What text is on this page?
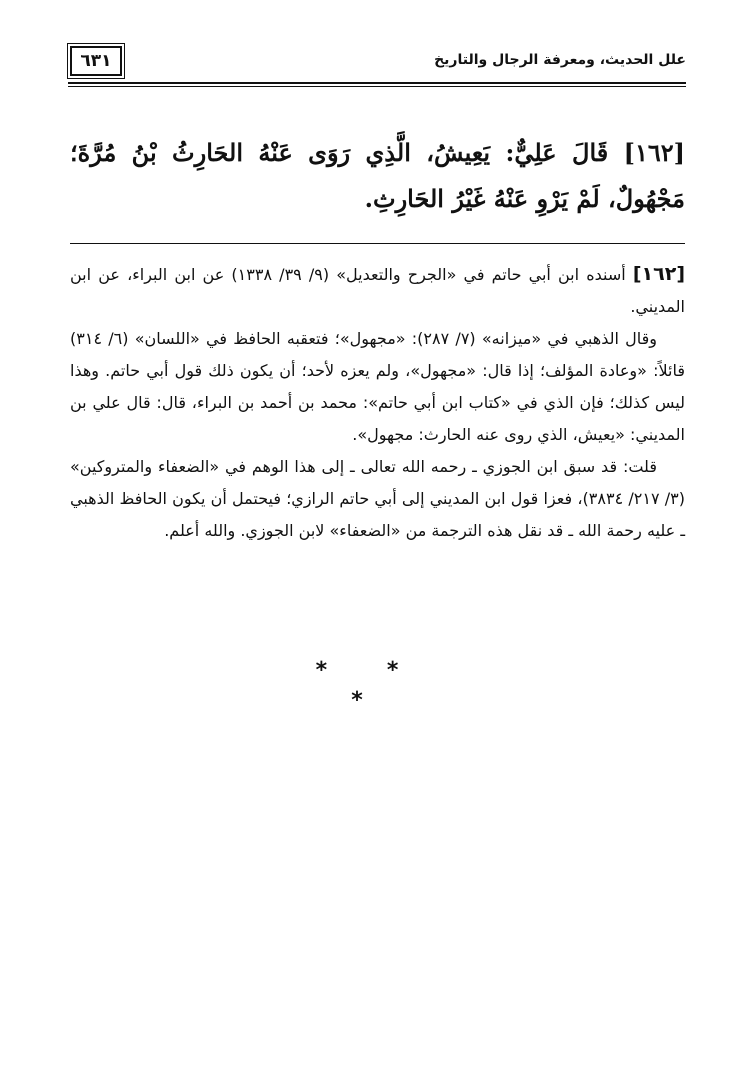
٦٣١	علل الحديث، ومعرفة الرجال والتاريخ
[١٦٢] قَالَ عَلِيٌّ: يَعِيشُ، الَّذِي رَوَى عَنْهُ الحَارِثُ بْنُ مُرَّةَ؛ مَجْهُولٌ، لَمْ يَرْوِ عَنْهُ غَيْرُ الحَارِثِ.

[١٦٢] أسنده ابن أبي حاتم في «الجرح والتعديل» (٩/ ٣٩/ ١٣٣٨) عن ابن البراء، عن ابن المديني.

وقال الذهبي في «ميزانه» (٧/ ٢٨٧): «مجهول»؛ فتعقبه الحافظ في «اللسان» (٦/ ٣١٤) قائلاً: «وعادة المؤلف؛ إذا قال: «مجهول»، ولم يعزه لأحد؛ أن يكون ذلك قول أبي حاتم. وهذا ليس كذلك؛ فإن الذي في «كتاب ابن أبي حاتم»: محمد بن أحمد بن البراء، قال: قال علي بن المديني: «يعيش، الذي روى عنه الحارث: مجهول».

قلت: قد سبق ابن الجوزي ـ رحمه الله تعالى ـ إلى هذا الوهم في «الضعفاء والمتروكين» (٣/ ٢١٧/ ٣٨٣٤)، فعزا قول ابن المديني إلى أبي حاتم الرازي؛ فيحتمل أن يكون الحافظ الذهبي ـ عليه رحمة الله ـ قد نقل هذه الترجمة من «الضعفاء» لابن الجوزي. والله أعلم.

* * *
